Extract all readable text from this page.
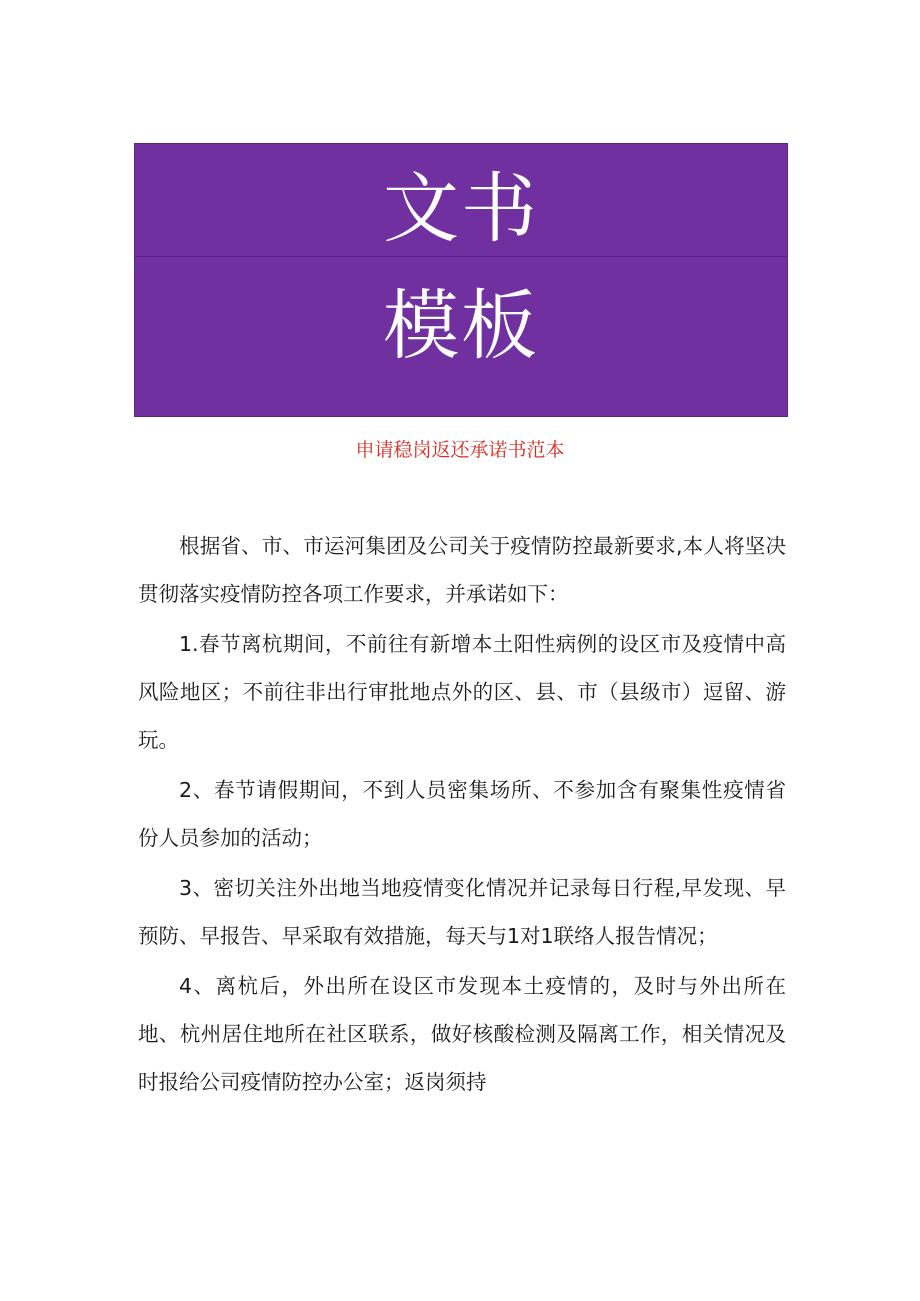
文书
模板
申请稳岗返还承诺书范本

根据省、市、市运河集团及公司关于疫情防控最新要求,本人将坚决贯彻落实疫情防控各项工作要求，并承诺如下：

1.春节离杭期间，不前往有新增本土阳性病例的设区市及疫情中高风险地区；不前往非出行审批地点外的区、县、市（县级市）逗留、游玩。

2、春节请假期间，不到人员密集场所、不参加含有聚集性疫情省份人员参加的活动；

3、密切关注外出地当地疫情变化情况并记录每日行程,早发现、早预防、早报告、早采取有效措施，每天与1对1联络人报告情况；

4、离杭后，外出所在设区市发现本土疫情的，及时与外出所在地、杭州居住地所在社区联系，做好核酸检测及隔离工作，相关情况及时报给公司疫情防控办公室；返岗须持
